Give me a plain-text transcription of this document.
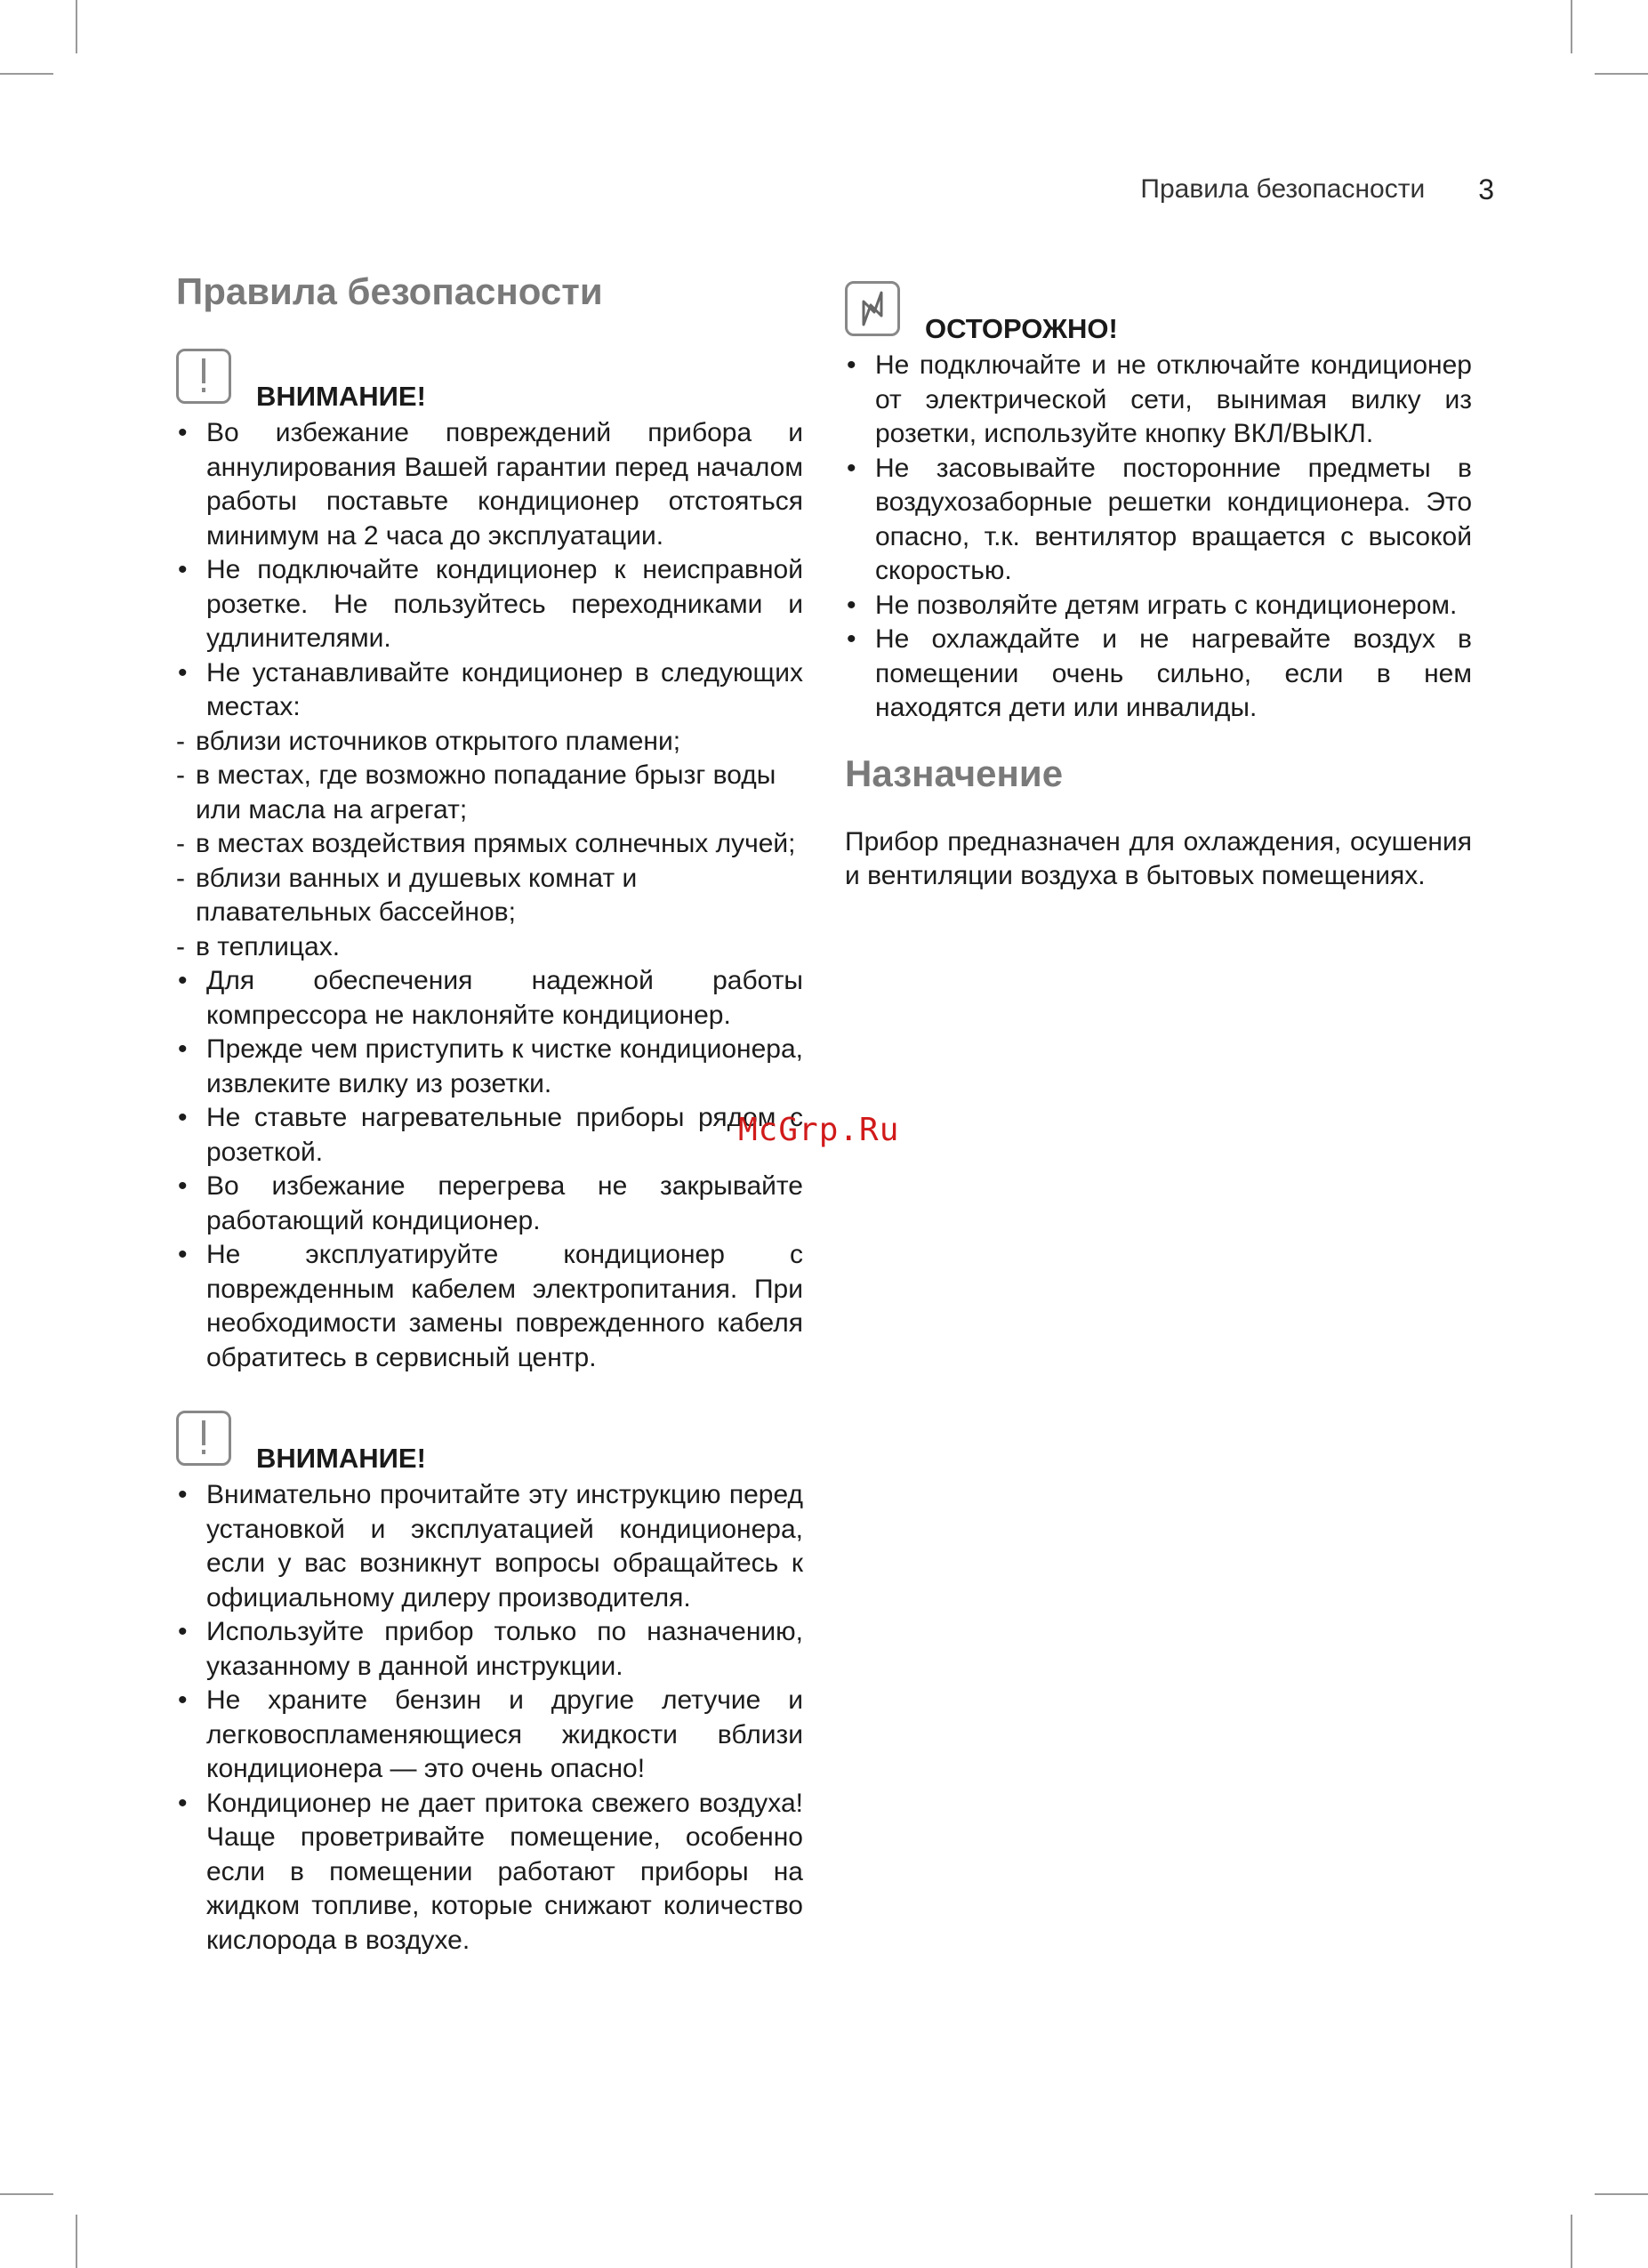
Правила безопасности 3
Правила безопасности
ВНИМАНИЕ!
• Во избежание повреждений прибора и аннулирования Вашей гарантии перед началом работы поставьте кондиционер отстояться минимум на 2 часа до эксплуатации.
• Не подключайте кондиционер к неисправной розетке. Не пользуйтесь переходниками и удлинителями.
• Не устанавливайте кондиционер в следующих местах:
- вблизи источников открытого пламени;
- в местах, где возможно попадание брызг воды или масла на агрегат;
- в местах воздействия прямых солнечных лучей;
- вблизи ванных и душевых комнат и плавательных бассейнов;
- в теплицах.
• Для обеспечения надежной работы компрессора не наклоняйте кондиционер.
• Прежде чем приступить к чистке кондиционера, извлеките вилку из розетки.
• Не ставьте нагревательные приборы рядом с розеткой.
• Во избежание перегрева не закрывайте работающий кондиционер.
• Не эксплуатируйте кондиционер с поврежденным кабелем электропитания. При необходимости замены поврежденного кабеля обратитесь в сервисный центр.
ВНИМАНИЕ!
• Внимательно прочитайте эту инструкцию перед установкой и эксплуатацией кондиционера, если у вас возникнут вопросы обращайтесь к официальному дилеру производителя.
• Используйте прибор только по назначению, указанному в данной инструкции.
• Не храните бензин и другие летучие и легковоспламеняющиеся жидкости вблизи кондиционера — это очень опасно!
• Кондиционер не дает притока свежего воздуха! Чаще проветривайте помещение, особенно если в помещении работают приборы на жидком топливе, которые снижают количество кислорода в воздухе.
ОСТОРОЖНО!
• Не подключайте и не отключайте кондиционер от электрической сети, вынимая вилку из розетки, используйте кнопку ВКЛ/ВЫКЛ.
• Не засовывайте посторонние предметы в воздухозаборные решетки кондиционера. Это опасно, т.к. вентилятор вращается с высокой скоростью.
• Не позволяйте детям играть с кондиционером.
• Не охлаждайте и не нагревайте воздух в помещении очень сильно, если в нем находятся дети или инвалиды.
Назначение

Прибор предназначен для охлаждения, осушения и вентиляции воздуха в бытовых помещениях.

McGrp.Ru
